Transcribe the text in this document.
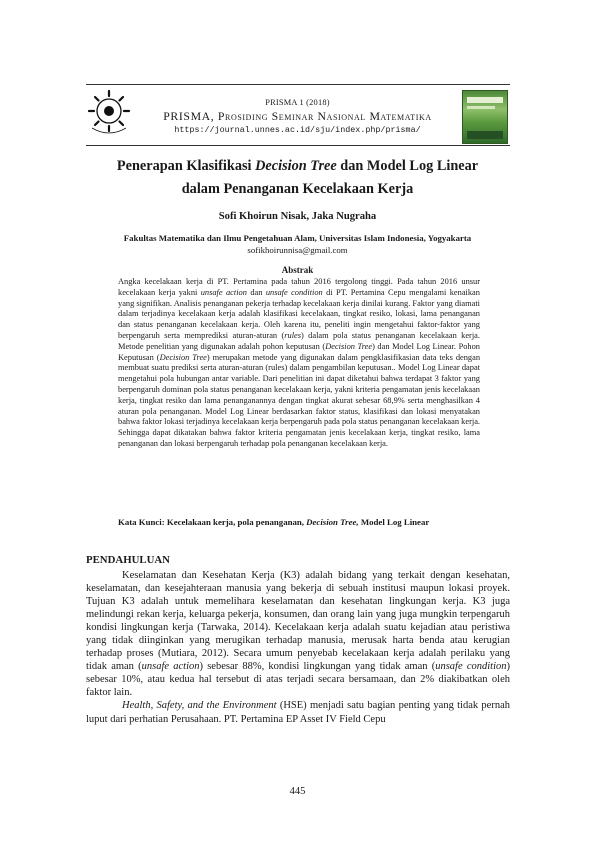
PRISMA 1 (2018)
PRISMA, Prosiding Seminar Nasional Matematika
https://journal.unnes.ac.id/sju/index.php/prisma/
Penerapan Klasifikasi Decision Tree dan Model Log Linear
dalam Penanganan Kecelakaan Kerja
Sofi Khoirun Nisak, Jaka Nugraha
Fakultas Matematika dan Ilmu Pengetahuan Alam, Universitas Islam Indonesia, Yogyakarta
sofikhoirunnisa@gmail.com
Abstrak

Angka kecelakaan kerja di PT. Pertamina pada tahun 2016 tergolong tinggi. Pada tahun 2016 unsur kecelakaan kerja yakni unsafe action dan unsafe condition di PT. Pertamina Cepu mengalami kenaikan yang signifikan. Analisis penanganan pekerja terhadap kecelakaan kerja dinilai kurang. Faktor yang diamati dalam terjadinya kecelakaan kerja adalah klasifikasi kecelakaan, tingkat resiko, lokasi, lama penanganan dan status penanganan kecelakaan kerja. Oleh karena itu, peneliti ingin mengetahui faktor-faktor yang berpengaruh serta memprediksi aturan-aturan (rules) dalam pola status penanganan kecelakaan kerja. Metode penelitian yang digunakan adalah pohon keputusan (Decision Tree) dan Model Log Linear. Pohon Keputusan (Decision Tree) merupakan metode yang digunakan dalam pengklasifikasian data teks dengan membuat suatu prediksi serta aturan-aturan (rules) dalam pengambilan keputusan.. Model Log Linear dapat mengetahui pola hubungan antar variable. Dari penelitian ini dapat diketahui bahwa terdapat 3 faktor yang berpengaruh dominan pola status penanganan kecelakaan kerja, yakni kriteria pengamatan jenis kecelakaan kerja, tingkat resiko dan lama penanganannya dengan tingkat akurat sebesar 68,9% serta menghasilkan 4 aturan pola penanganan. Model Log Linear berdasarkan faktor status, klasifikasi dan lokasi menyatakan bahwa faktor lokasi terjadinya kecelakaan kerja berpengaruh pada pola status penanganan kecelakaan kerja. Sehingga dapat dikatakan bahwa faktor kriteria pengamatan jenis kecelakaan kerja, tingkat resiko, lama penanganan dan lokasi berpengaruh terhadap pola penanganan kecelakaan kerja.

Kata Kunci: Kecelakaan kerja, pola penanganan, Decision Tree, Model Log Linear
PENDAHULUAN

Keselamatan dan Kesehatan Kerja (K3) adalah bidang yang terkait dengan kesehatan, keselamatan, dan kesejahteraan manusia yang bekerja di sebuah institusi maupun lokasi proyek. Tujuan K3 adalah untuk memelihara keselamatan dan kesehatan lingkungan kerja. K3 juga melindungi rekan kerja, keluarga pekerja, konsumen, dan orang lain yang juga mungkin terpengaruh kondisi lingkungan kerja (Tarwaka, 2014). Kecelakaan kerja adalah suatu kejadian atau peristiwa yang tidak diinginkan yang merugikan terhadap manusia, merusak harta benda atau kerugian terhadap proses (Mutiara, 2012). Secara umum penyebab kecelakaan kerja adalah perilaku yang tidak aman (unsafe action) sebesar 88%, kondisi lingkungan yang tidak aman (unsafe condition) sebesar 10%, atau kedua hal tersebut di atas terjadi secara bersamaan, dan 2% diakibatkan oleh faktor lain.

Health, Safety, and the Environment (HSE) menjadi satu bagian penting yang tidak pernah luput dari perhatian Perusahaan. PT. Pertamina EP Asset IV Field Cepu

445
